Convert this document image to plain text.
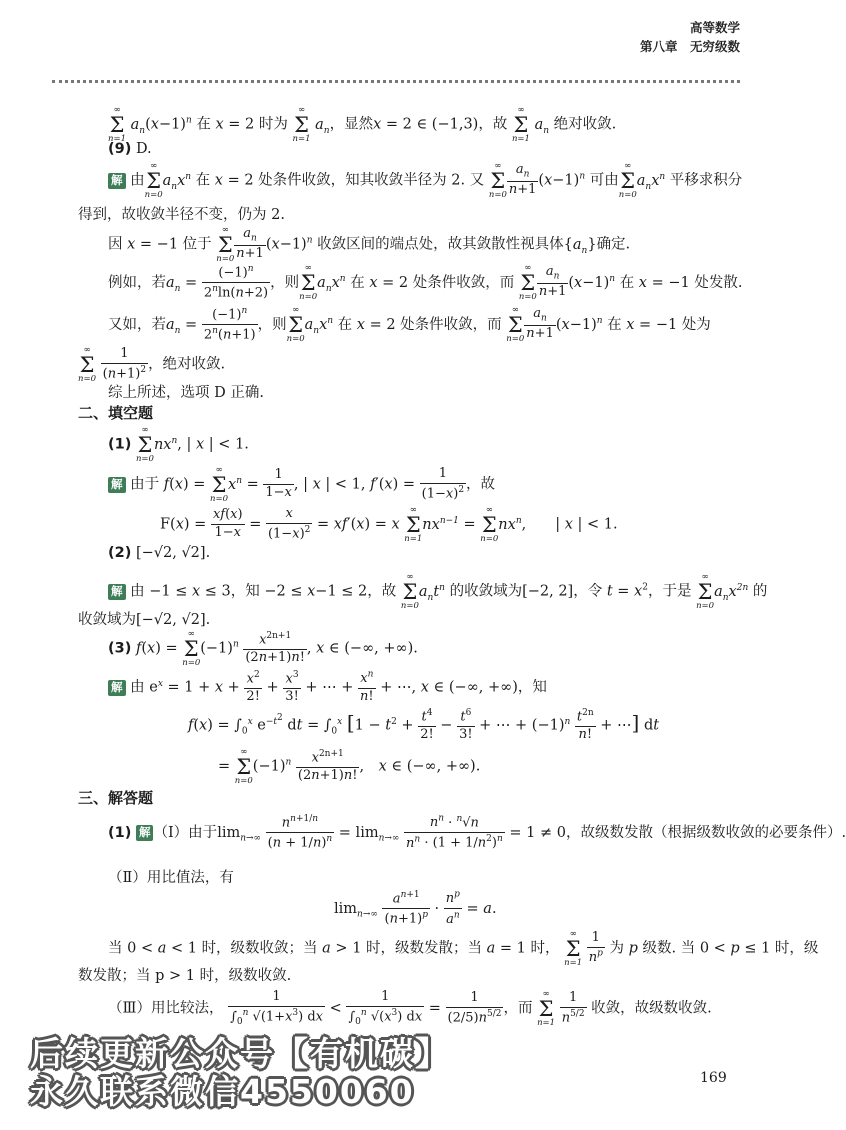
高等数学
第八章　无穷级数
∞
Σ
n=1
$a_n(x-1)^n$ 在 x = 2 时为
∞
Σ
n=1
$a_n$，显然x = 2 ∈ (−1,3)，故
∞
Σ
n=1
$a_n$ 绝对收敛.
(9) D.
解 由
∞
Σ
n=0
$a_nx^n$ 在 x = 2 处条件收敛，知其收敛半径为 2. 又
∞
Σ
$n=0 \frac{a_n}{n+1} (x-1)^n$ 可由
∞
Σ
n=0
$a_nx^n$ 平移求积分
得到，故收敛半径不变，仍为 2.
因 x = −1 位于
∞
Σ
$n=0 \frac{a_n}{n+1} (x-1)^n$ 收敛区间的端点处，故其敛散性视具体$\{a_n\}$确定.
例如，若$a_n = \frac{(-1)^n}{2^n\ln(n+2)}$ ，则
∞
Σ
n=0
$a_nx^n$ 在 x = 2 处条件收敛，而
∞
Σ
$n=0 \frac{a_n}{n+1} (x-1)^n$ 在 x = −1 处发散.
又如，若$a_n = \frac{(-1)^n}{2^n(n+1)}$ ，则
∞
Σ
n=0
$a_nx^n$ 在 x = 2 处条件收敛，而
∞
Σ
$n=0 \frac{a_n}{n+1} (x-1)^n$ 在 x = −1 处为
∞
Σ
n=0
$\frac{1}{(n+1)^2}$ ，绝对收敛.
综上所述，选项 D 正确.
二、填空题
(1)
∞
Σ
n=0
$nx^n$, | x | < 1.
解 由于 f(x) =
∞
Σ
n=0
$x^n = \frac{1}{1-x}$ , | x | < 1, $f'(x) = \frac{1}{(1-x)^2}$ ，故
$F(x) = \frac{xf(x)}{1-x} = \frac{x}{(1-x)^2} = xf'(x) = x$
∞
Σ
n=1
$nx^{n-1}$ =
∞
Σ
n=0
$nx^n$,　　| x | < 1.
(2) [−√2, √2].
解 由 −1 ≤ x ≤ 3，知 −2 ≤ x−1 ≤ 2，故
∞
Σ
n=0
$a_nt^n$ 的收敛域为[−2, 2]，令 $t = x^2$，于是
∞
Σ
n=0
$a_nx^{2n}$ 的
收敛域为[−√2, √2].
(3) f(x) =
∞
Σ
n=0
$(-1)^n \frac{x^{2n+1}}{(2n+1)n!}$ , x ∈ (−∞, +∞).
解 由 $e^x = 1 + x + \frac{x^2}{2!} + \frac{x^3}{3!}$ + ⋯ + $\frac{x^n}{n!}$ + ⋯, x ∈ (−∞, +∞)，知
$f(x) = \int_0^x$ $e^{-t^2}$ dt = $\int_0^x$ [$1 - t^2 + \frac{t^4}{2!} - \frac{t^6}{3!}$ + ⋯ + $(-1)^n \frac{t^{2n}}{n!}$ + ⋯] dt
=
∞
Σ
n=0
$(-1)^n \frac{x^{2n+1}}{(2n+1)n!}$ ,　x ∈ (−∞, +∞).
三、解答题
(1) 解 （Ⅰ）由于$\lim_{n\to\infty} \frac{n^{n+1/n}}{(n + 1/n)^n} = \lim_{n\to\infty} \frac{n^n \cdot ^n√n}{n^n \cdot (1 + 1/n^2)^n} = 1 \ne 0$，故级数发散（根据级数收敛的必要条件）.
（Ⅱ）用比值法，有
$\lim_{n\to\infty} \frac{a^{n+1}}{(n+1)^p} \cdot \frac{n^p}{a^n} = a$.
当 0 < a < 1 时，级数收敛；当 a > 1 时，级数发散；当 a = 1 时，
∞
Σ
n=1
$\frac{1}{n^p}$ 为 p 级数. 当 0 < p ≤ 1 时，级
数发散；当 p > 1 时，级数收敛.
（Ⅲ）用比较法， $\frac{1}{\int_0^n √(1+x^3) dx} < \frac{1}{\int_0^n √(x^3) dx} = \frac{1}{(2/5)n^{5/2}}$ ，而
∞
Σ
n=1
$\frac{1}{n^{5/2}}$ 收敛，故级数收敛.
后续更新公众号【有机碳】
永久联系微信4550060	169
